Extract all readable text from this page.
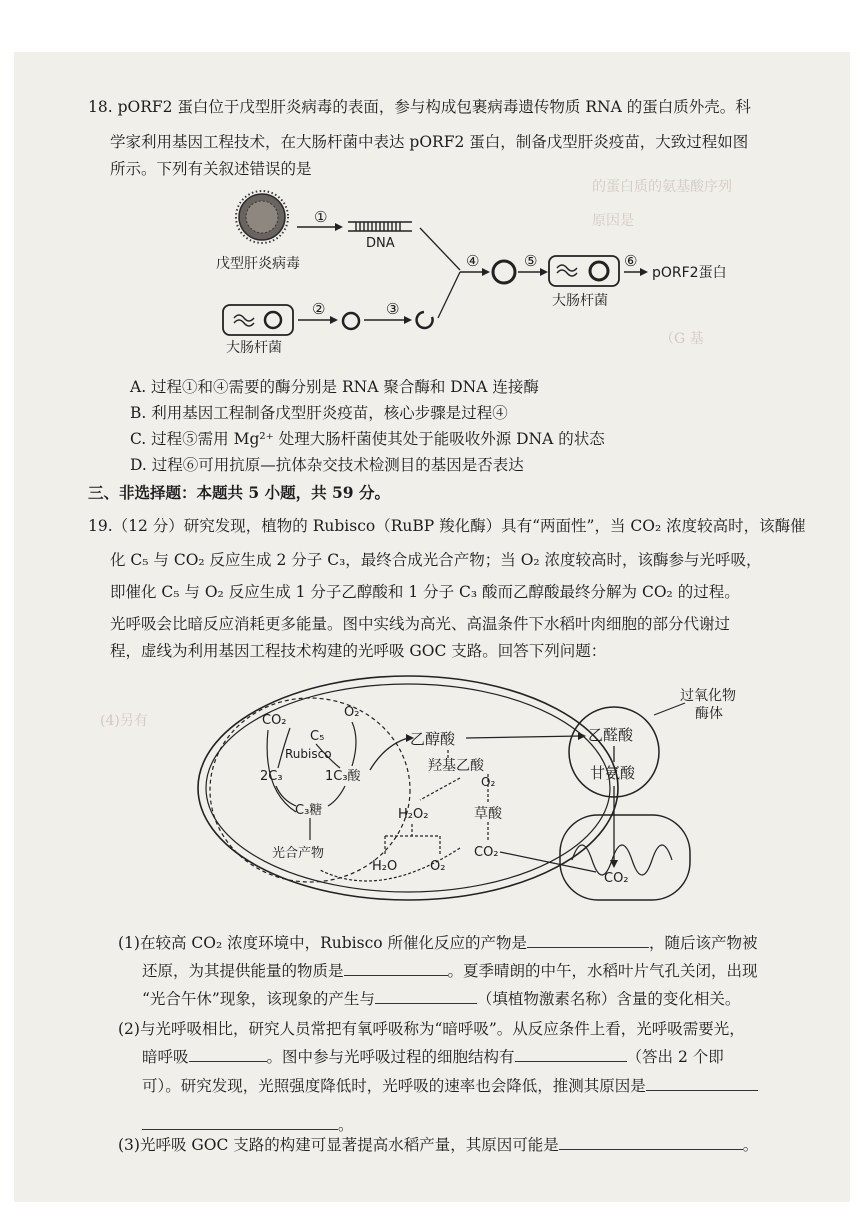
的蛋白质的氨基酸序列
原因是
（G 基
(4)另有
18. pORF2 蛋白位于戊型肝炎病毒的表面，参与构成包裹病毒遗传物质 RNA 的蛋白质外壳。科
学家利用基因工程技术，在大肠杆菌中表达 pORF2 蛋白，制备戊型肝炎疫苗，大致过程如图
所示。下列有关叙述错误的是
戊型肝炎病毒
①
DNA
大肠杆菌
②	③
④	⑤
大肠杆菌
⑥
pORF2蛋白
A. 过程①和④需要的酶分别是 RNA 聚合酶和 DNA 连接酶
B. 利用基因工程制备戊型肝炎疫苗，核心步骤是过程④
C. 过程⑤需用 Mg²⁺ 处理大肠杆菌使其处于能吸收外源 DNA 的状态
D. 过程⑥可用抗原—抗体杂交技术检测目的基因是否表达
三、非选择题：本题共 5 小题，共 59 分。
19.（12 分）研究发现，植物的 Rubisco（RuBP 羧化酶）具有“两面性”，当 CO₂ 浓度较高时，该酶催
化 C₅ 与 CO₂ 反应生成 2 分子 C₃，最终合成光合产物；当 O₂ 浓度较高时，该酶参与光呼吸，
即催化 C₅ 与 O₂ 反应生成 1 分子乙醇酸和 1 分子 C₃ 酸而乙醇酸最终分解为 CO₂ 的过程。
光呼吸会比暗反应消耗更多能量。图中实线为高光、高温条件下水稻叶肉细胞的部分代谢过
程，虚线为利用基因工程技术构建的光呼吸 GOC 支路。回答下列问题：
过氧化物
酶体
CO₂
O₂
C₅
Rubisco
2C₃	1C₃酸
C₃糖
光合产物
乙醇酸
羟基乙酸
O₂
H₂O₂	草酸
H₂O	O₂
CO₂
乙醛酸
甘氨酸
CO₂
(1)在较高 CO₂ 浓度环境中，Rubisco 所催化反应的产物是	，随后该产物被
还原，为其提供能量的物质是	。夏季晴朗的中午，水稻叶片气孔关闭，出现
“光合午休”现象，该现象的产生与	（填植物激素名称）含量的变化相关。
(2)与光呼吸相比，研究人员常把有氧呼吸称为“暗呼吸”。从反应条件上看，光呼吸需要光，
暗呼吸	。图中参与光呼吸过程的细胞结构有	（答出 2 个即
可）。研究发现，光照强度降低时，光呼吸的速率也会降低，推测其原因是
。
(3)光呼吸 GOC 支路的构建可显著提高水稻产量，其原因可能是	。
